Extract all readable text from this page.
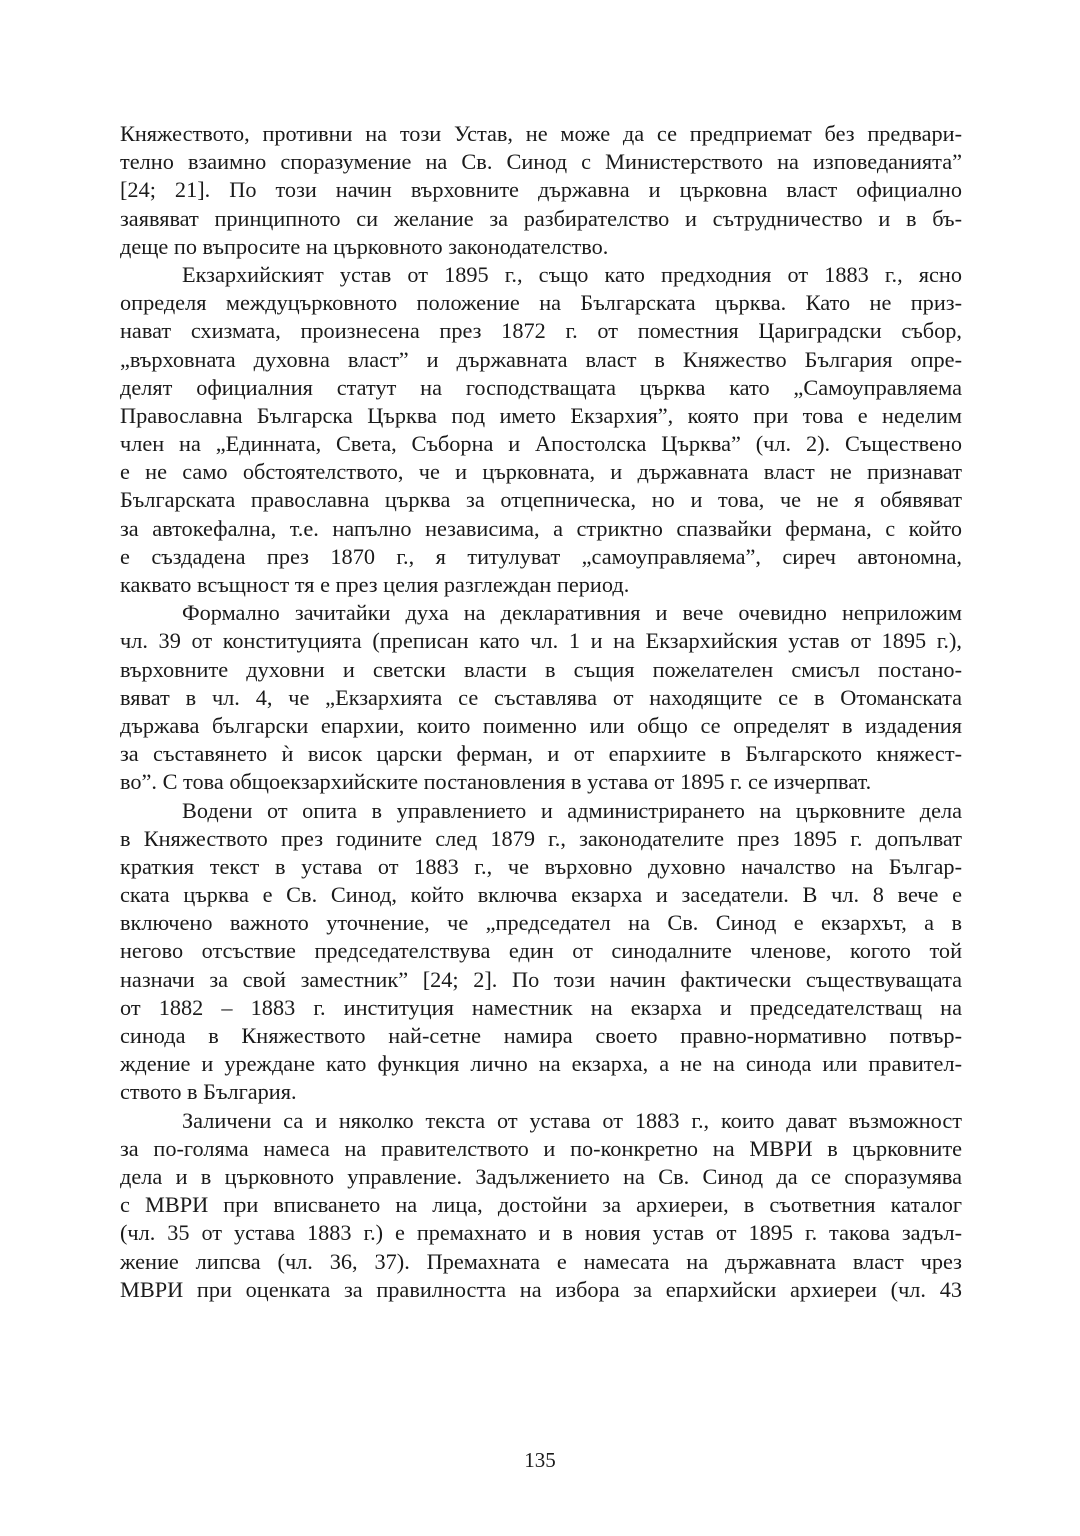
Княжеството, противни на този Устав, не може да се предприемат без предвари-
телно взаимно споразумение на Св. Синод с Министерството на изповеданията”
[24; 21]. По този начин върховните държавна и църковна власт официално
заявяват принципното си желание за разбирателство и сътрудничество и в бъ-
деще по въпросите на църковното законодателство.
Екзархийският устав от 1895 г., също като предходния от 1883 г., ясно
определя междуцърковното положение на Българската църква. Като не приз-
нават схизмата, произнесена през 1872 г. от поместния Цариградски събор,
„върховната духовна власт” и държавната власт в Княжество България опре-
делят официалния статут на господстващата църква като „Самоуправляема
Православна Българска Църква под името Екзархия”, която при това е неделим
член на „Единната, Света, Съборна и Апостолска Църква” (чл. 2). Съществено
е не само обстоятелството, че и църковната, и държавната власт не признават
Българската православна църква за отцепническа, но и това, че не я обявяват
за автокефална, т.е. напълно независима, а стриктно спазвайки фермана, с който
е създадена през 1870 г., я титулуват „самоуправляема”, сиреч автономна,
каквато всъщност тя е през целия разглеждан период.
Формално зачитайки духа на декларативния и вече очевидно неприложим
чл. 39 от конституцията (преписан като чл. 1 и на Екзархийския устав от 1895 г.),
върховните духовни и светски власти в същия пожелателен смисъл постано-
вяват в чл. 4, че „Екзархията се съставлява от находящите се в Отоманската
държава български епархии, които поименно или общо се определят в издадения
за съставянето ѝ висок царски ферман, и от епархиите в Българското княжест-
во”. С това общоекзархийските постановления в устава от 1895 г. се изчерпват.
Водени от опита в управлението и администрирането на църковните дела
в Княжеството през годините след 1879 г., законодателите през 1895 г. допълват
краткия текст в устава от 1883 г., че върховно духовно началство на Българ-
ската църква е Св. Синод, който включва екзарха и заседатели. В чл. 8 вече е
включено важното уточнение, че „председател на Св. Синод е екзархът, а в
негово отсъствие председателствува един от синодалните членове, когото той
назначи за свой заместник” [24; 2]. По този начин фактически съществуващата
от 1882 – 1883 г. институция наместник на екзарха и председателстващ на
синода в Княжеството най-сетне намира своето правно-нормативно потвър-
ждение и уреждане като функция лично на екзарха, а не на синода или правител-
ството в България.
Заличени са и няколко текста от устава от 1883 г., които дават възможност
за по-голяма намеса на правителството и по-конкретно на МВРИ в църковните
дела и в църковното управление. Задължението на Св. Синод да се споразумява
с МВРИ при вписването на лица, достойни за архиереи, в съответния каталог
(чл. 35 от устава 1883 г.) е премахнато и в новия устав от 1895 г. такова задъл-
жение липсва (чл. 36, 37). Премахната е намесата на държавната власт чрез
МВРИ при оценката за правилността на избора за епархийски архиереи (чл. 43
135
